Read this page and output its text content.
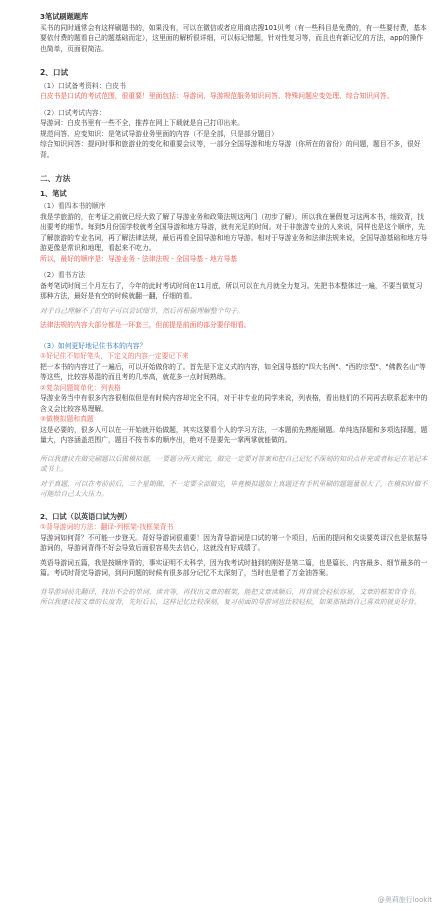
3笔试刷题题库

买书的同时通常会有这样刷题书的，如果没有，可以在微信或者应用商店搜101贝考（有一些科目是免费的，有一些要付费，基本要依付费的题看自己的题基础而定），这里面的解析很详细，可以标记错题，针对性复习等，而且也有新记忆的方法，app的操作也简单，页面很简洁。

2、口试

（1）口试备考资料：白皮书

白皮书是口试的考试范围，很重要！里面包括：导游词、导游规范服务知识问答、特殊问题应变处理、综合知识问答。

（2）口试考试内容：

导游词：白皮书里有一些不全，推荐在网上下载就是自己打印出来。

规范问答、应变知识：是笔试导游业务里面的内容（不是全部，只是部分题目）

综合知识问答：提问时事和旅游业的变化和重要会议等，一部分全国导游和地方导游（你所在的省份）的问题，题目不多，很好背。

二、方法

1、笔试

（1）看四本书的顺序

我是学旅游的，在考证之前就已经大致了解了导游业务和政策法规这两门（初步了解），所以我在暑假复习这两本书，细致背，找出要考的细节。每到5月份国学校就考全国导游和地方导游，就有光足的时间。对于非旅游专业的人来说，同样也是这个顺序，先了解旅游的专业名词，再了解法律法规，最后再看全国导游和地方导游。相对于导游业务和法律法规来说，全国导游基础和地方导游更像是常识和地理，看起来不吃力。

所以，最好的顺序是：导游业务 - 法律法规 - 全国导基 - 地方导基

（2）看书方法

备考笔试时间三个月左右了，今年的此时考试时间在11月底，所以可以在九月就全力复习。先把书本整体过一遍，不要当做复习那种方法，最好是有空的时候就翻一翻，仔细的看。

对于自己理解不了的句子可以尝试细节，然后再根据理解整个句子。

法律法规的内容大部分都是一环套三，但前提是前面的部分要仔细看。

（3）如何更好地记住书本的内容？

①好记住不如好笔头，下定义的内容一定要记下来

把一本书的内容过了一遍后，可以开始做你的了。首先是下定义式的内容，如全国导基的"四大名例"、"西的宗型"、"佛教名山"等等这些，比较容易混的而且考的几率高，就花多一点时间熟练。

②复杂问题简单化：列表格

导游业务当中有很多内容很相似但是有时候内容却完全不同，对于非专业的同学来说，列表格，看出他们的不同再去联系起来中的含义会比较容易理解。

③做模拟题和真题

这是必要的，很多人可以在一开始就开始做题，其实这要看个人的学习方法，一本题前先熟能刷题。单纯选择题和多项选择题，题量大，内容涵盖范围广，题目不按书本的顺序出，绝对不是要先一掌两掌就能做的。

所以我建议在做完刷题以后做模拟题，一要题分两天做完，做完一定要对答案和把自己记忆不深刻的知识点补充或者标记在笔记本或书上。

对于真题，可以在考前前后，三个星期做，不一定要全部做完，毕竟模拟题加上真题还有手机里刷的题题量很大了，在模拟时做不可能给自己太大压力。

2、口试（以英语口试为例）

①背导游词的方法：翻译-列框架-找框架背书

导游词如何背？不可能一步登天。背好导游词很重要！因为背导游词是口试的第一个项目，后面的提问和交谈要英译汉也是依据导游词的，导游词背得不好会导致后面很容易失去信心，这就没有好成绩了。

英语导游词五篇，我是按顺序背的，事实证明不太科学，因为我考试时抽到的刚好是第二篇，也是篇长、内容最多、细节最多的一篇。考试时背完导游词，到问问题的时候有很多部分记忆不太深刻了，当时也是着了万金油答案。

背导游词前先翻译，找出不会的单词、读音等，再找出文章的框架，能把文章读顺后，再背就会轻松容易，文章的框架背背书。

所以我建议按文章的长度背，先短后长，这样记忆比较深刻，复习前面的导游词也比较轻松，如果那抽到自己喜欢的就更好背。

@奥莉旅行lookit
